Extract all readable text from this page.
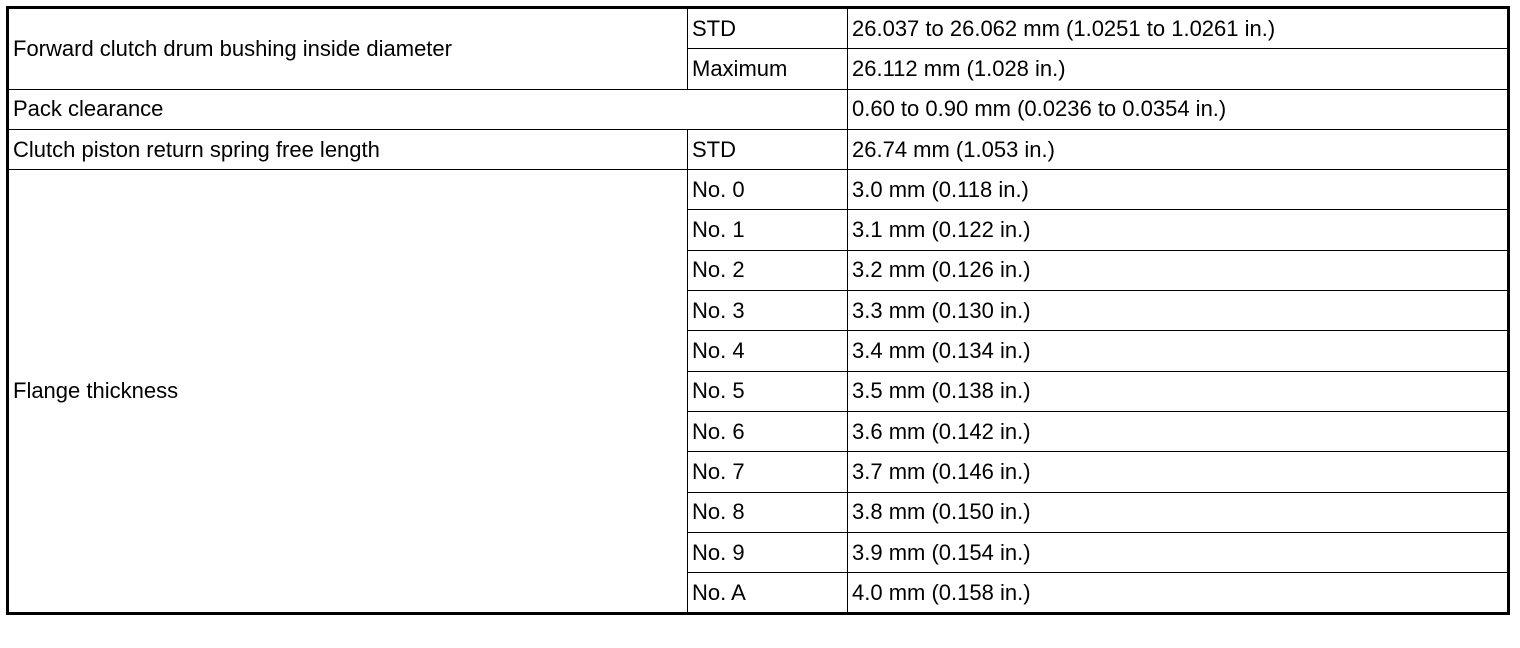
Forward clutch drum bushing inside diameter	STD	26.037 to 26.062 mm (1.0251 to 1.0261 in.)
	Maximum	26.112 mm (1.028 in.)
Pack clearance		0.60 to 0.90 mm (0.0236 to 0.0354 in.)
Clutch piston return spring free length	STD	26.74 mm (1.053 in.)
Flange thickness	No. 0	3.0 mm (0.118 in.)
	No. 1	3.1 mm (0.122 in.)
	No. 2	3.2 mm (0.126 in.)
	No. 3	3.3 mm (0.130 in.)
	No. 4	3.4 mm (0.134 in.)
	No. 5	3.5 mm (0.138 in.)
	No. 6	3.6 mm (0.142 in.)
	No. 7	3.7 mm (0.146 in.)
	No. 8	3.8 mm (0.150 in.)
	No. 9	3.9 mm (0.154 in.)
	No. A	4.0 mm (0.158 in.)
